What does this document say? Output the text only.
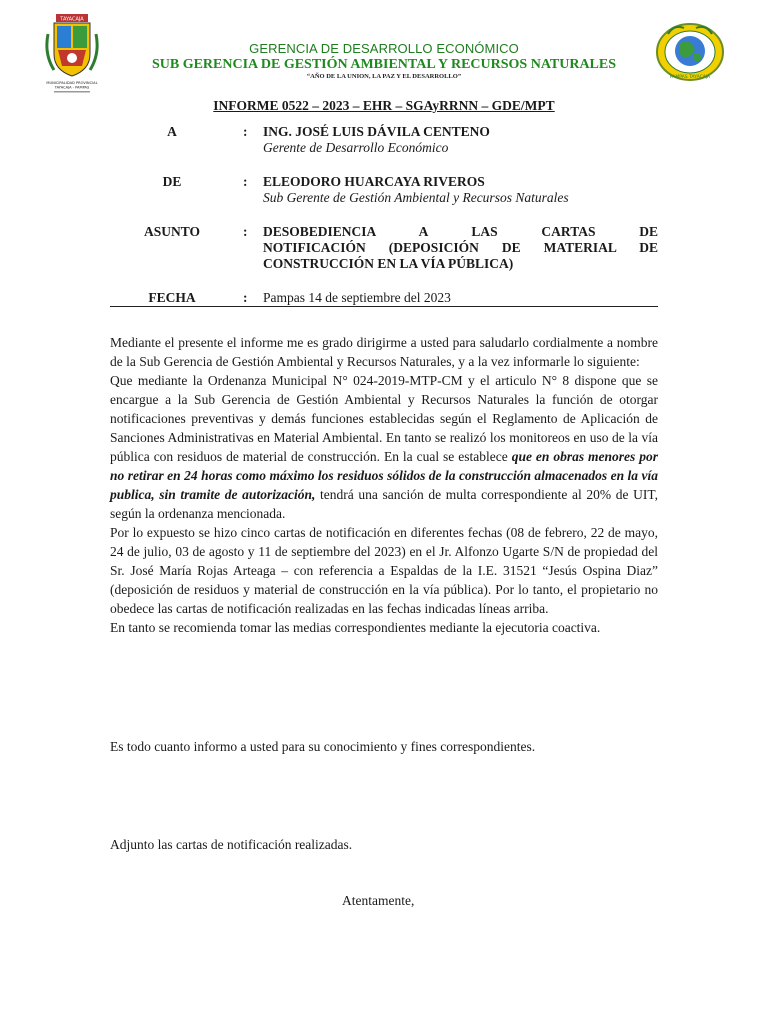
TAYACAJA
MUNICIPALIDAD PROVINCIAL
TAYACAJA - PAMPAS
PAMPAS TAYACAJA
GERENCIA DE DESARROLLO ECONÓMICO
SUB GERENCIA DE GESTIÓN AMBIENTAL Y RECURSOS NATURALES
“AÑO DE LA UNION, LA PAZ Y EL DESARROLLO”
INFORME 0522 – 2023 – EHR – SGAyRRNN – GDE/MPT
A	: ING. JOSÉ LUIS DÁVILA CENTENO
Gerente de Desarrollo Económico
DE	: ELEODORO HUARCAYA RIVEROS
Sub Gerente de Gestión Ambiental y Recursos Naturales
ASUNTO	: DESOBEDIENCIA A LAS CARTAS DE
NOTIFICACIÓN (DEPOSICIÓN DE MATERIAL DE
CONSTRUCCIÓN EN LA VÍA PÚBLICA)
FECHA	: Pampas 14 de septiembre del 2023

Mediante el presente el informe me es grado dirigirme a usted para saludarlo cordialmente a nombre de la Sub Gerencia de Gestión Ambiental y Recursos Naturales, y a la vez informarle lo siguiente:

Que mediante la Ordenanza Municipal N° 024-2019-MTP-CM y el articulo N° 8 dispone que se encargue a la Sub Gerencia de Gestión Ambiental y Recursos Naturales la función de otorgar notificaciones preventivas y demás funciones establecidas según el Reglamento de Aplicación de Sanciones Administrativas en Material Ambiental. En tanto se realizó los monitoreos en uso de la vía pública con residuos de material de construcción. En la cual se establece que en obras menores por no retirar en 24 horas como máximo los residuos sólidos de la construcción almacenados en la vía publica, sin tramite de autorización, tendrá una sanción de multa correspondiente al 20% de UIT, según la ordenanza mencionada.

Por lo expuesto se hizo cinco cartas de notificación en diferentes fechas (08 de febrero, 22 de mayo, 24 de julio, 03 de agosto y 11 de septiembre del 2023) en el Jr. Alfonzo Ugarte S/N de propiedad del Sr. José María Rojas Arteaga – con referencia a Espaldas de la I.E. 31521 “Jesús Ospina Diaz” (deposición de residuos y material de construcción en la vía pública). Por lo tanto, el propietario no obedece las cartas de notificación realizadas en las fechas indicadas líneas arriba.

En tanto se recomienda tomar las medias correspondientes mediante la ejecutoria coactiva.

Es todo cuanto informo a usted para su conocimiento y fines correspondientes.
Adjunto las cartas de notificación realizadas.
Atentamente,
